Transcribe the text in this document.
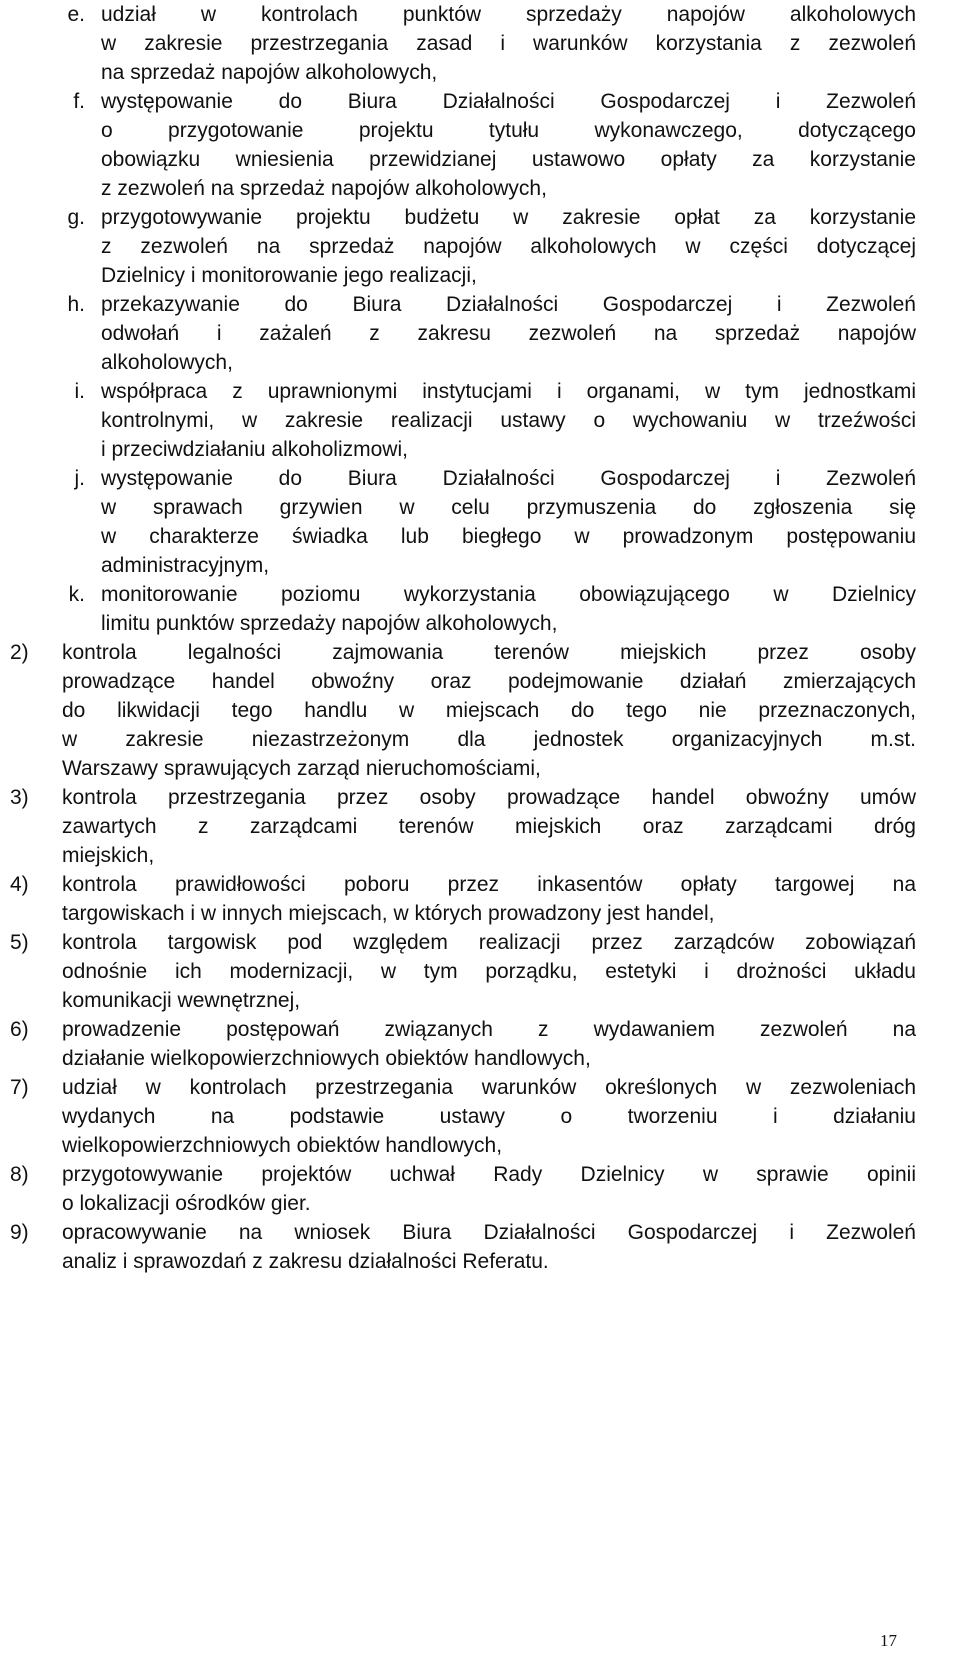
e. udział w kontrolach punktów sprzedaży napojów alkoholowych
w zakresie przestrzegania zasad i warunków korzystania z zezwoleń
na sprzedaż napojów alkoholowych,
f. występowanie do Biura Działalności Gospodarczej i Zezwoleń
o przygotowanie projektu tytułu wykonawczego, dotyczącego
obowiązku wniesienia przewidzianej ustawowo opłaty za korzystanie
z zezwoleń na sprzedaż napojów alkoholowych,
g. przygotowywanie projektu budżetu w zakresie opłat za korzystanie
z zezwoleń na sprzedaż napojów alkoholowych w części dotyczącej
Dzielnicy i monitorowanie jego realizacji,
h. przekazywanie do Biura Działalności Gospodarczej i Zezwoleń
odwołań i zażaleń z zakresu zezwoleń na sprzedaż napojów
alkoholowych,
i. współpraca z uprawnionymi instytucjami i organami, w tym jednostkami
kontrolnymi, w zakresie realizacji ustawy o wychowaniu w trzeźwości
i przeciwdziałaniu alkoholizmowi,
j. występowanie do Biura Działalności Gospodarczej i Zezwoleń
w sprawach grzywien w celu przymuszenia do zgłoszenia się
w charakterze świadka lub biegłego w prowadzonym postępowaniu
administracyjnym,
k. monitorowanie poziomu wykorzystania obowiązującego w Dzielnicy
limitu punktów sprzedaży napojów alkoholowych,
2) kontrola legalności zajmowania terenów miejskich przez osoby
prowadzące handel obwoźny oraz podejmowanie działań zmierzających
do likwidacji tego handlu w miejscach do tego nie przeznaczonych,
w zakresie niezastrzeżonym dla jednostek organizacyjnych m.st.
Warszawy sprawujących zarząd nieruchomościami,
3) kontrola przestrzegania przez osoby prowadzące handel obwoźny umów
zawartych z zarządcami terenów miejskich oraz zarządcami dróg
miejskich,
4) kontrola prawidłowości poboru przez inkasentów opłaty targowej na
targowiskach i w innych miejscach, w których prowadzony jest handel,
5) kontrola targowisk pod względem realizacji przez zarządców zobowiązań
odnośnie ich modernizacji, w tym porządku, estetyki i drożności układu
komunikacji wewnętrznej,
6) prowadzenie postępowań związanych z wydawaniem zezwoleń na
działanie wielkopowierzchniowych obiektów handlowych,
7) udział w kontrolach przestrzegania warunków określonych w zezwoleniach
wydanych na podstawie ustawy o tworzeniu i działaniu
wielkopowierzchniowych obiektów handlowych,
8) przygotowywanie projektów uchwał Rady Dzielnicy w sprawie opinii
o lokalizacji ośrodków gier.
9) opracowywanie na wniosek Biura Działalności Gospodarczej i Zezwoleń
analiz i sprawozdań z zakresu działalności Referatu.
17
